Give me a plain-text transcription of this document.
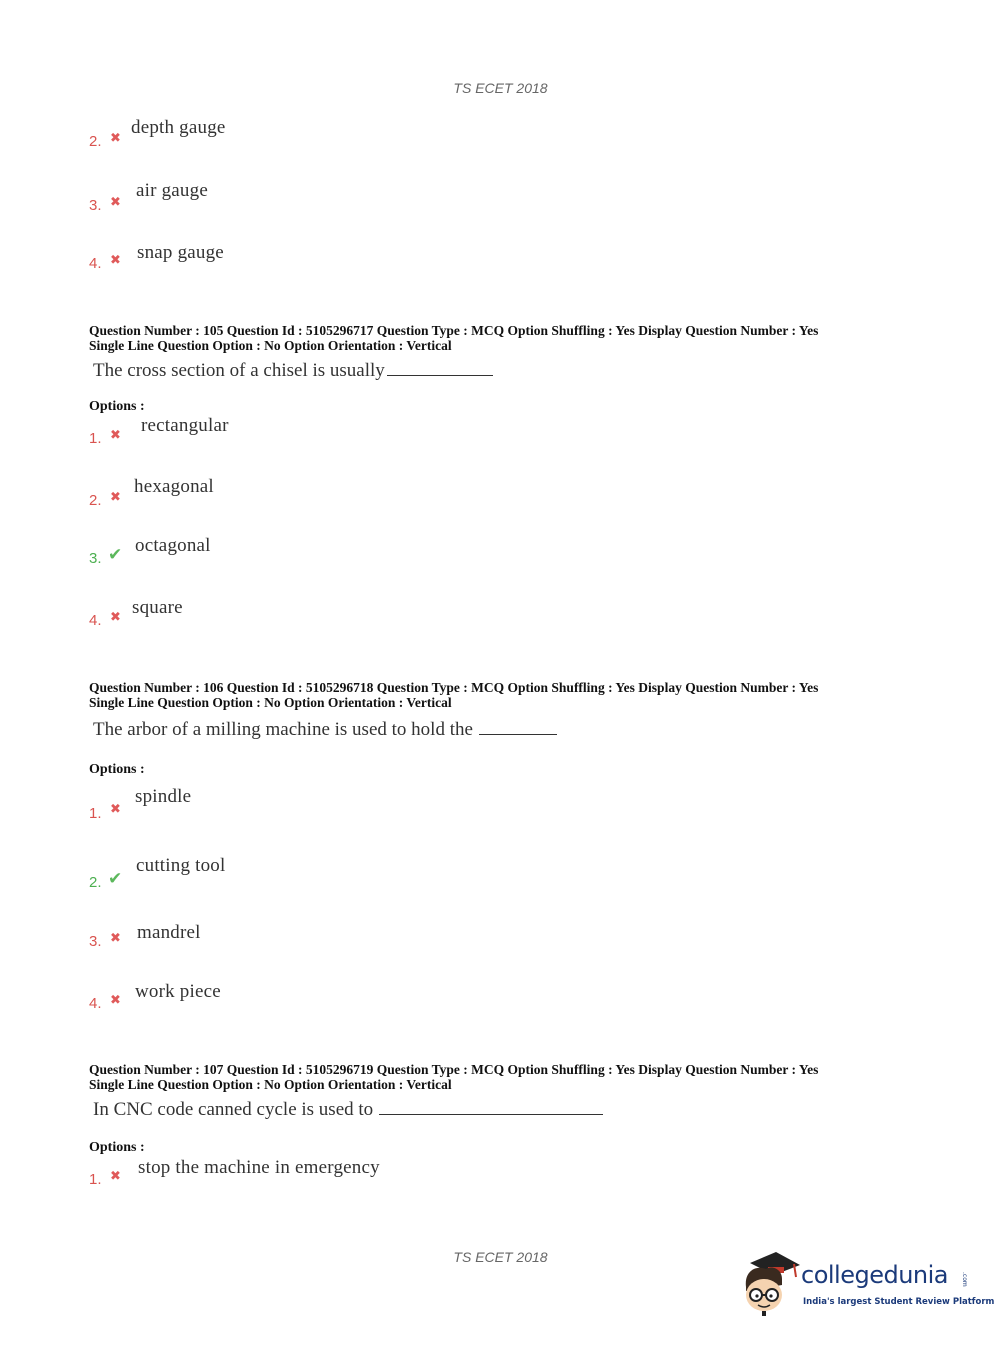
TS ECET 2018
2. ✖
depth gauge
3. ✖
air gauge
4. ✖ snap gauge
Question Number : 105 Question Id : 5105296717 Question Type : MCQ Option Shuffling : Yes Display Question Number : Yes
Single Line Question Option : No Option Orientation : Vertical
The cross section of a chisel is usually
Options :
1. ✖ rectangular
2. ✖
hexagonal
3. ✔ octagonal
4. ✖ square
Question Number : 106 Question Id : 5105296718 Question Type : MCQ Option Shuffling : Yes Display Question Number : Yes
Single Line Question Option : No Option Orientation : Vertical
The arbor of a milling machine is used to hold the
Options :
1. ✖
spindle
2. ✔
cutting tool
3. ✖ mandrel
4. ✖ work piece
Question Number : 107 Question Id : 5105296719 Question Type : MCQ Option Shuffling : Yes Display Question Number : Yes
Single Line Question Option : No Option Orientation : Vertical
In CNC code canned cycle is used to
Options :
1. ✖ stop the machine in emergency
TS ECET 2018
collegedunia .com
India's largest Student Review Platform
